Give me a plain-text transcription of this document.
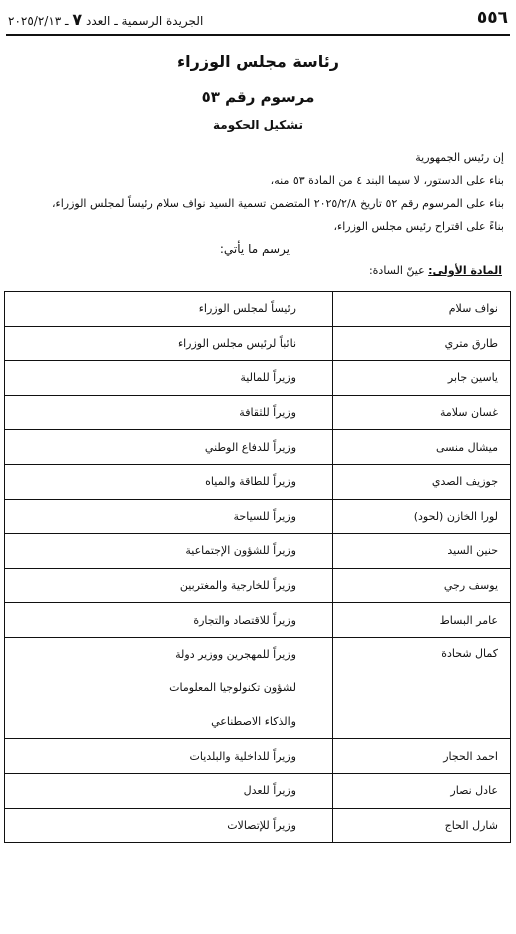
٥٥٦
الجريدة الرسمية ـ العدد ٧ ـ ٢٠٢٥/٢/١٣
رئاسة مجلس الوزراء
مرسوم رقم ٥٣
تشكيل الحكومة
إن رئيس الجمهورية
بناء على الدستور، لا سيما البند ٤ من المادة ٥٣ منه،
بناء على المرسوم رقم ٥٢ تاريخ ٢٠٢٥/٢/٨ المتضمن تسمية السيد نواف سلام رئيساً لمجلس الوزراء،
بناءً على اقتراح رئيس مجلس الوزراء،
يرسم ما يأتي:
المادة الأولى: عينّ السادة:
نواف سلام	رئيساً لمجلس الوزراء
طارق متري	نائباً لرئيس مجلس الوزراء
ياسين جابر	وزيراً للمالية
غسان سلامة	وزيراً للثقافة
ميشال منسى	وزيراً للدفاع الوطني
جوزيف الصدي	وزيراً للطاقة والمياه
لورا الخازن (لحود)	وزيراً للسياحة
حنين السيد	وزيراً للشؤون الإجتماعية
يوسف رجي	وزيراً للخارجية والمغتربين
عامر البساط	وزيراً للاقتصاد والتجارة
كمال شحادة	وزيراً للمهجرين ووزير دولة
لشؤون تكنولوجيا المعلومات
والذكاء الاصطناعي

احمد الحجار	وزيراً للداخلية والبلديات
عادل نصار	وزيراً للعدل
شارل الحاج	وزيراً للإتصالات
